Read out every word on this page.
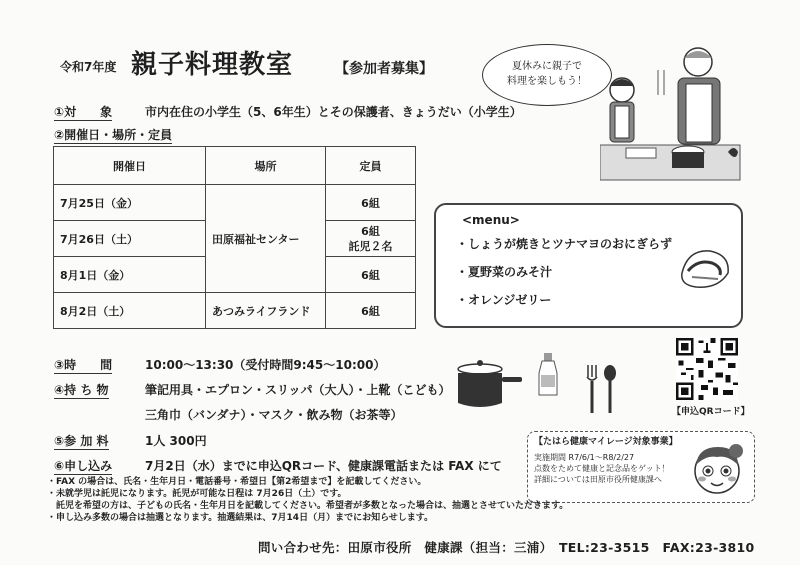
令和7年度 親子料理教室	【参加者募集】	夏休みに親子で
料理を楽しもう！
①対　　象	市内在住の小学生（5、6年生）とその保護者、きょうだい（小学生）
②開催日・場所・定員
開催日	場所	定員
7月25日（金）	田原福祉センター	6組
7月26日（土）		6組
託児２名

8月1日（金）		6組
8月2日（土）	あつみライフランド	6組
<menu>
・しょうが焼きとツナマヨのおにぎらず
・夏野菜のみそ汁
・オレンジゼリー
③時　　間	10:00～13:30（受付時間9:45～10:00）
④持 ち 物	筆記用具・エプロン・スリッパ（大人）・上靴（こども）
三角巾（バンダナ）・マスク・飲み物（お茶等）
⑤参 加 料	1人 300円
⑥申し込み	7月2日（水）までに申込QRコード、健康課電話または FAX にて
【申込QRコード】
【たはら健康マイレージ対象事業】
実施期間 R7/6/1～R8/2/27
点数をためて健康と記念品をゲット！
詳細については田原市役所健康課へ
・FAX の場合は、氏名・生年月日・電話番号・希望日【第2希望まで】を記載してください。
・未就学児は託児になります。託児が可能な日程は 7月26日（土）です。
　託児を希望の方は、子どもの氏名・生年月日を記載してください。希望者が多数となった場合は、抽選とさせていただきます。
・申し込み多数の場合は抽選となります。抽選結果は、7月14日（月）までにお知らせします。
問い合わせ先：田原市役所　健康課（担当：三浦）　TEL:23-3515　FAX:23-3810
